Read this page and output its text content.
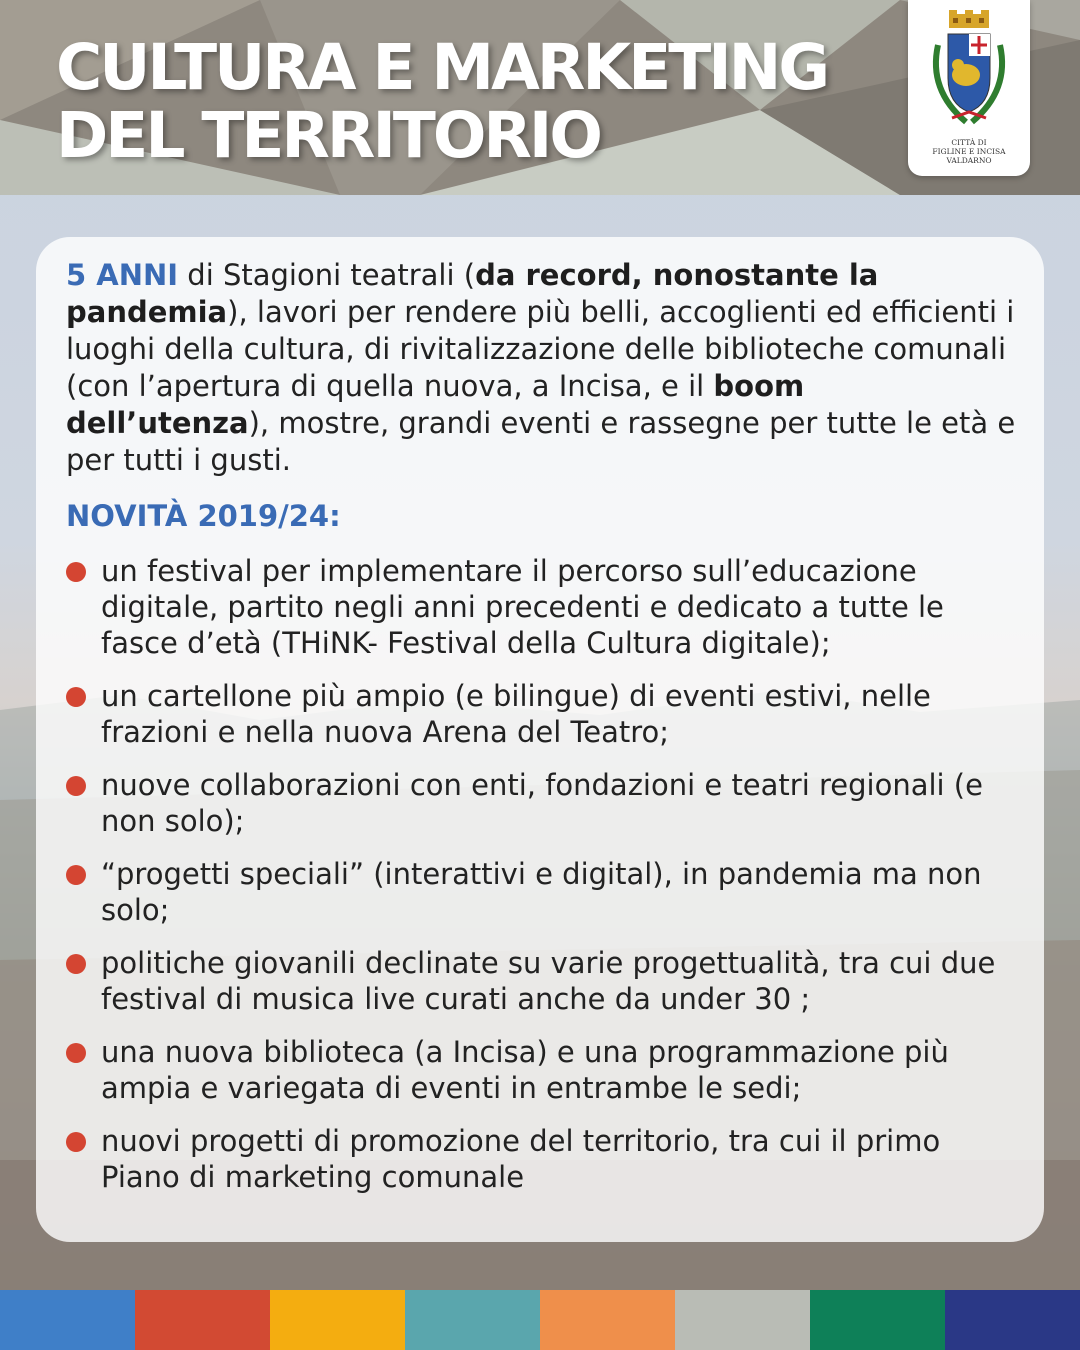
CULTURA E MARKETING
DEL TERRITORIO	CITTÀ DI
FIGLINE E INCISA
VALDARNO

5 ANNI di Stagioni teatrali (da record, nonostante la pandemia), lavori per rendere più belli, accoglienti ed efficienti i luoghi della cultura, di rivitalizzazione delle biblioteche comunali (con l’apertura di quella nuova, a Incisa, e il boom dell’utenza), mostre, grandi eventi e rassegne per tutte le età e per tutti i gusti.

NOVITÀ 2019/24:

un festival per implementare il percorso sull’educazione digitale, partito negli anni precedenti e dedicato a tutte le fasce d’età (THiNK- Festival della Cultura digitale);
un cartellone più ampio (e bilingue) di eventi estivi, nelle frazioni e nella nuova Arena del Teatro;
nuove collaborazioni con enti, fondazioni e teatri regionali (e non solo);
“progetti speciali” (interattivi e digital), in pandemia ma non solo;
politiche giovanili declinate su varie progettualità, tra cui due festival di musica live curati anche da under 30 ;
una nuova biblioteca (a Incisa) e una programmazione più ampia e variegata di eventi in entrambe le sedi;
nuovi progetti di promozione del territorio, tra cui il primo Piano di marketing comunale
